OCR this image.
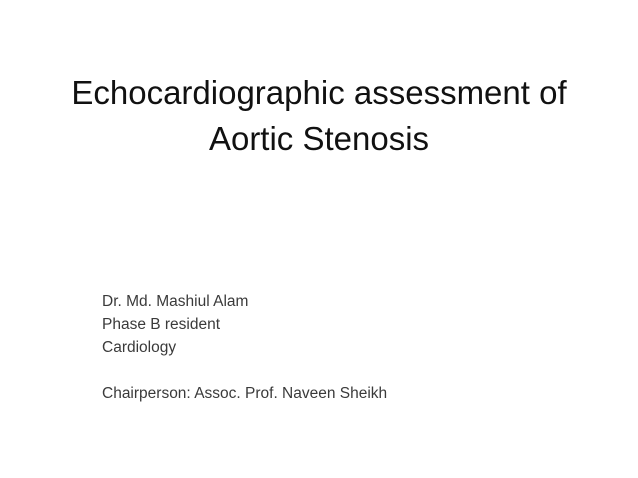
Echocardiographic assessment of
Aortic Stenosis
Dr. Md. Mashiul Alam
Phase B resident
Cardiology
Chairperson: Assoc. Prof. Naveen Sheikh
